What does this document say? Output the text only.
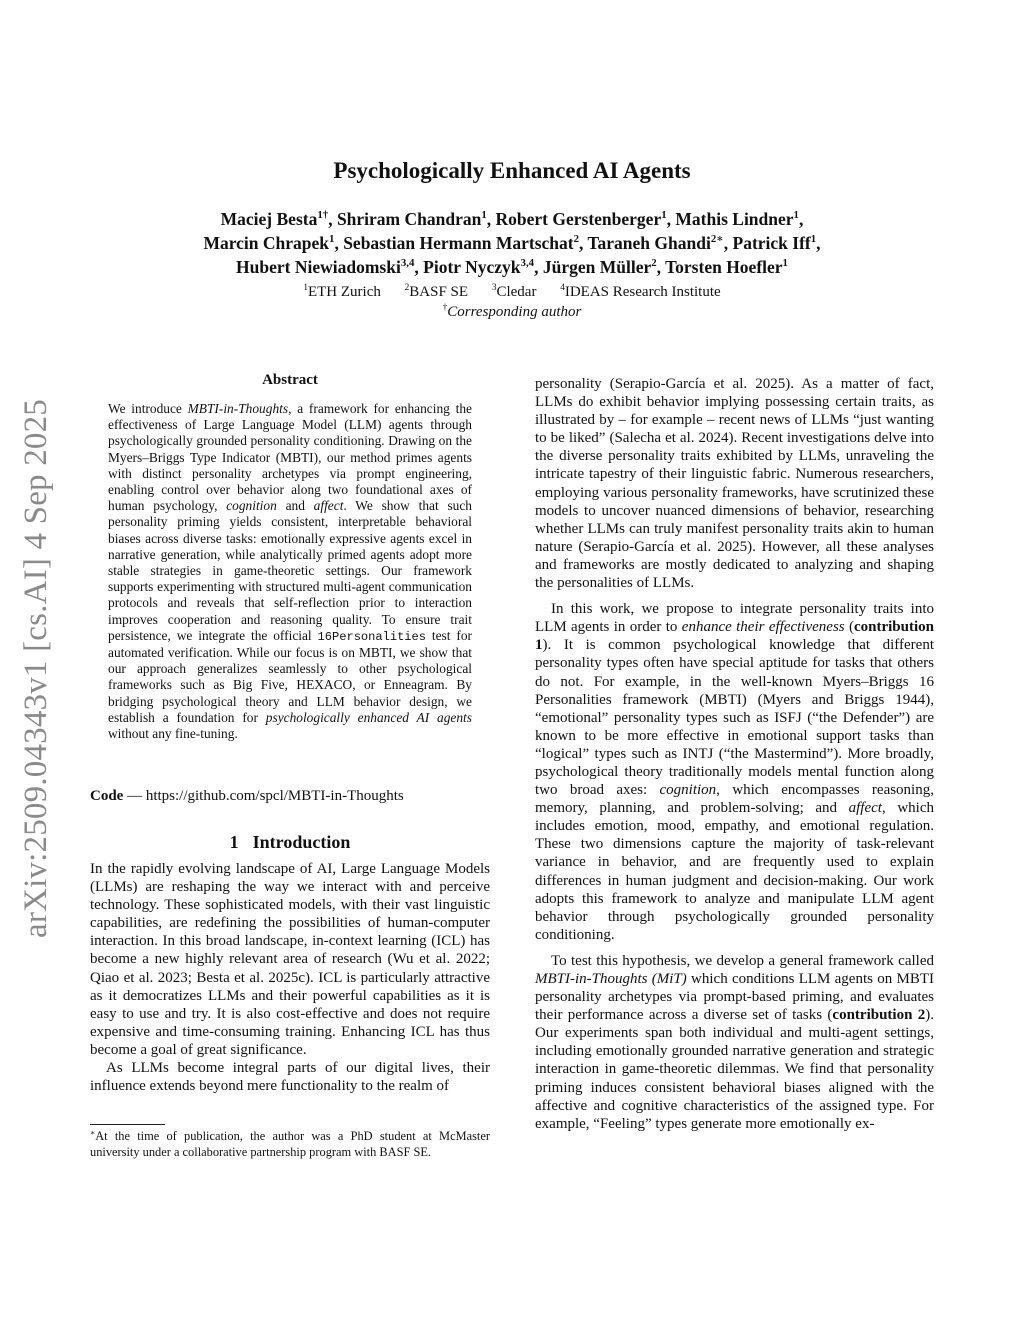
arXiv:2509.04343v1 [cs.AI] 4 Sep 2025
Psychologically Enhanced AI Agents
Maciej Besta$^{1\dagger}$, Shriram Chandran$^1$, Robert Gerstenberger$^1$, Mathis Lindner$^1$,
Marcin Chrapek$^1$, Sebastian Hermann Martschat$^2$, Taraneh Ghandi$^{2∗}$, Patrick Iff$^1$,
Hubert Niewiadomski$^{3,4}$, Piotr Nyczyk$^{3,4}$, Jürgen Müller$^2$, Torsten Hoefler$^1$
$^1$ETH Zurich	$^2$BASF SE	$^3$Cledar	$^4$IDEAS Research Institute
†Corresponding author
Abstract
We introduce MBTI-in-Thoughts, a framework for enhancing the effectiveness of Large Language Model (LLM) agents through psychologically grounded personality conditioning. Drawing on the Myers–Briggs Type Indicator (MBTI), our method primes agents with distinct personality archetypes via prompt engineering, enabling control over behavior along two foundational axes of human psychology, cognition and affect. We show that such personality priming yields consistent, interpretable behavioral biases across diverse tasks: emotionally expressive agents excel in narrative generation, while analytically primed agents adopt more stable strategies in game-theoretic settings. Our framework supports experimenting with structured multi-agent communication protocols and reveals that self-reflection prior to interaction improves cooperation and reasoning quality. To ensure trait persistence, we integrate the official 16Personalities test for automated verification. While our focus is on MBTI, we show that our approach generalizes seamlessly to other psychological frameworks such as Big Five, HEXACO, or Enneagram. By bridging psychological theory and LLM behavior design, we establish a foundation for psychologically enhanced AI agents without any fine-tuning.
Code — https://github.com/spcl/MBTI-in-Thoughts
1 Introduction

In the rapidly evolving landscape of AI, Large Language Models (LLMs) are reshaping the way we interact with and perceive technology. These sophisticated models, with their vast linguistic capabilities, are redefining the possibilities of human-computer interaction. In this broad landscape, in-context learning (ICL) has become a new highly relevant area of research (Wu et al. 2022; Qiao et al. 2023; Besta et al. 2025c). ICL is particularly attractive as it democratizes LLMs and their powerful capabilities as it is easy to use and try. It is also cost-effective and does not require expensive and time-consuming training. Enhancing ICL has thus become a goal of great significance.

As LLMs become integral parts of our digital lives, their influence extends beyond mere functionality to the realm of

∗At the time of publication, the author was a PhD student at McMaster university under a collaborative partnership program with BASF SE.

personality (Serapio-García et al. 2025). As a matter of fact, LLMs do exhibit behavior implying possessing certain traits, as illustrated by – for example – recent news of LLMs “just wanting to be liked” (Salecha et al. 2024). Recent investigations delve into the diverse personality traits exhibited by LLMs, unraveling the intricate tapestry of their linguistic fabric. Numerous researchers, employing various personality frameworks, have scrutinized these models to uncover nuanced dimensions of behavior, researching whether LLMs can truly manifest personality traits akin to human nature (Serapio-García et al. 2025). However, all these analyses and frameworks are mostly dedicated to analyzing and shaping the personalities of LLMs.

In this work, we propose to integrate personality traits into LLM agents in order to enhance their effectiveness (contribution 1). It is common psychological knowledge that different personality types often have special aptitude for tasks that others do not. For example, in the well-known Myers–Briggs 16 Personalities framework (MBTI) (Myers and Briggs 1944), “emotional” personality types such as ISFJ (“the Defender”) are known to be more effective in emotional support tasks than “logical” types such as INTJ (“the Mastermind”). More broadly, psychological theory traditionally models mental function along two broad axes: cognition, which encompasses reasoning, memory, planning, and problem-solving; and affect, which includes emotion, mood, empathy, and emotional regulation. These two dimensions capture the majority of task-relevant variance in behavior, and are frequently used to explain differences in human judgment and decision-making. Our work adopts this framework to analyze and manipulate LLM agent behavior through psychologically grounded personality conditioning.

To test this hypothesis, we develop a general framework called MBTI-in-Thoughts (MiT) which conditions LLM agents on MBTI personality archetypes via prompt-based priming, and evaluates their performance across a diverse set of tasks (contribution 2). Our experiments span both individual and multi-agent settings, including emotionally grounded narrative generation and strategic interaction in game-theoretic dilemmas. We find that personality priming induces consistent behavioral biases aligned with the affective and cognitive characteristics of the assigned type. For example, “Feeling” types generate more emotionally ex-
